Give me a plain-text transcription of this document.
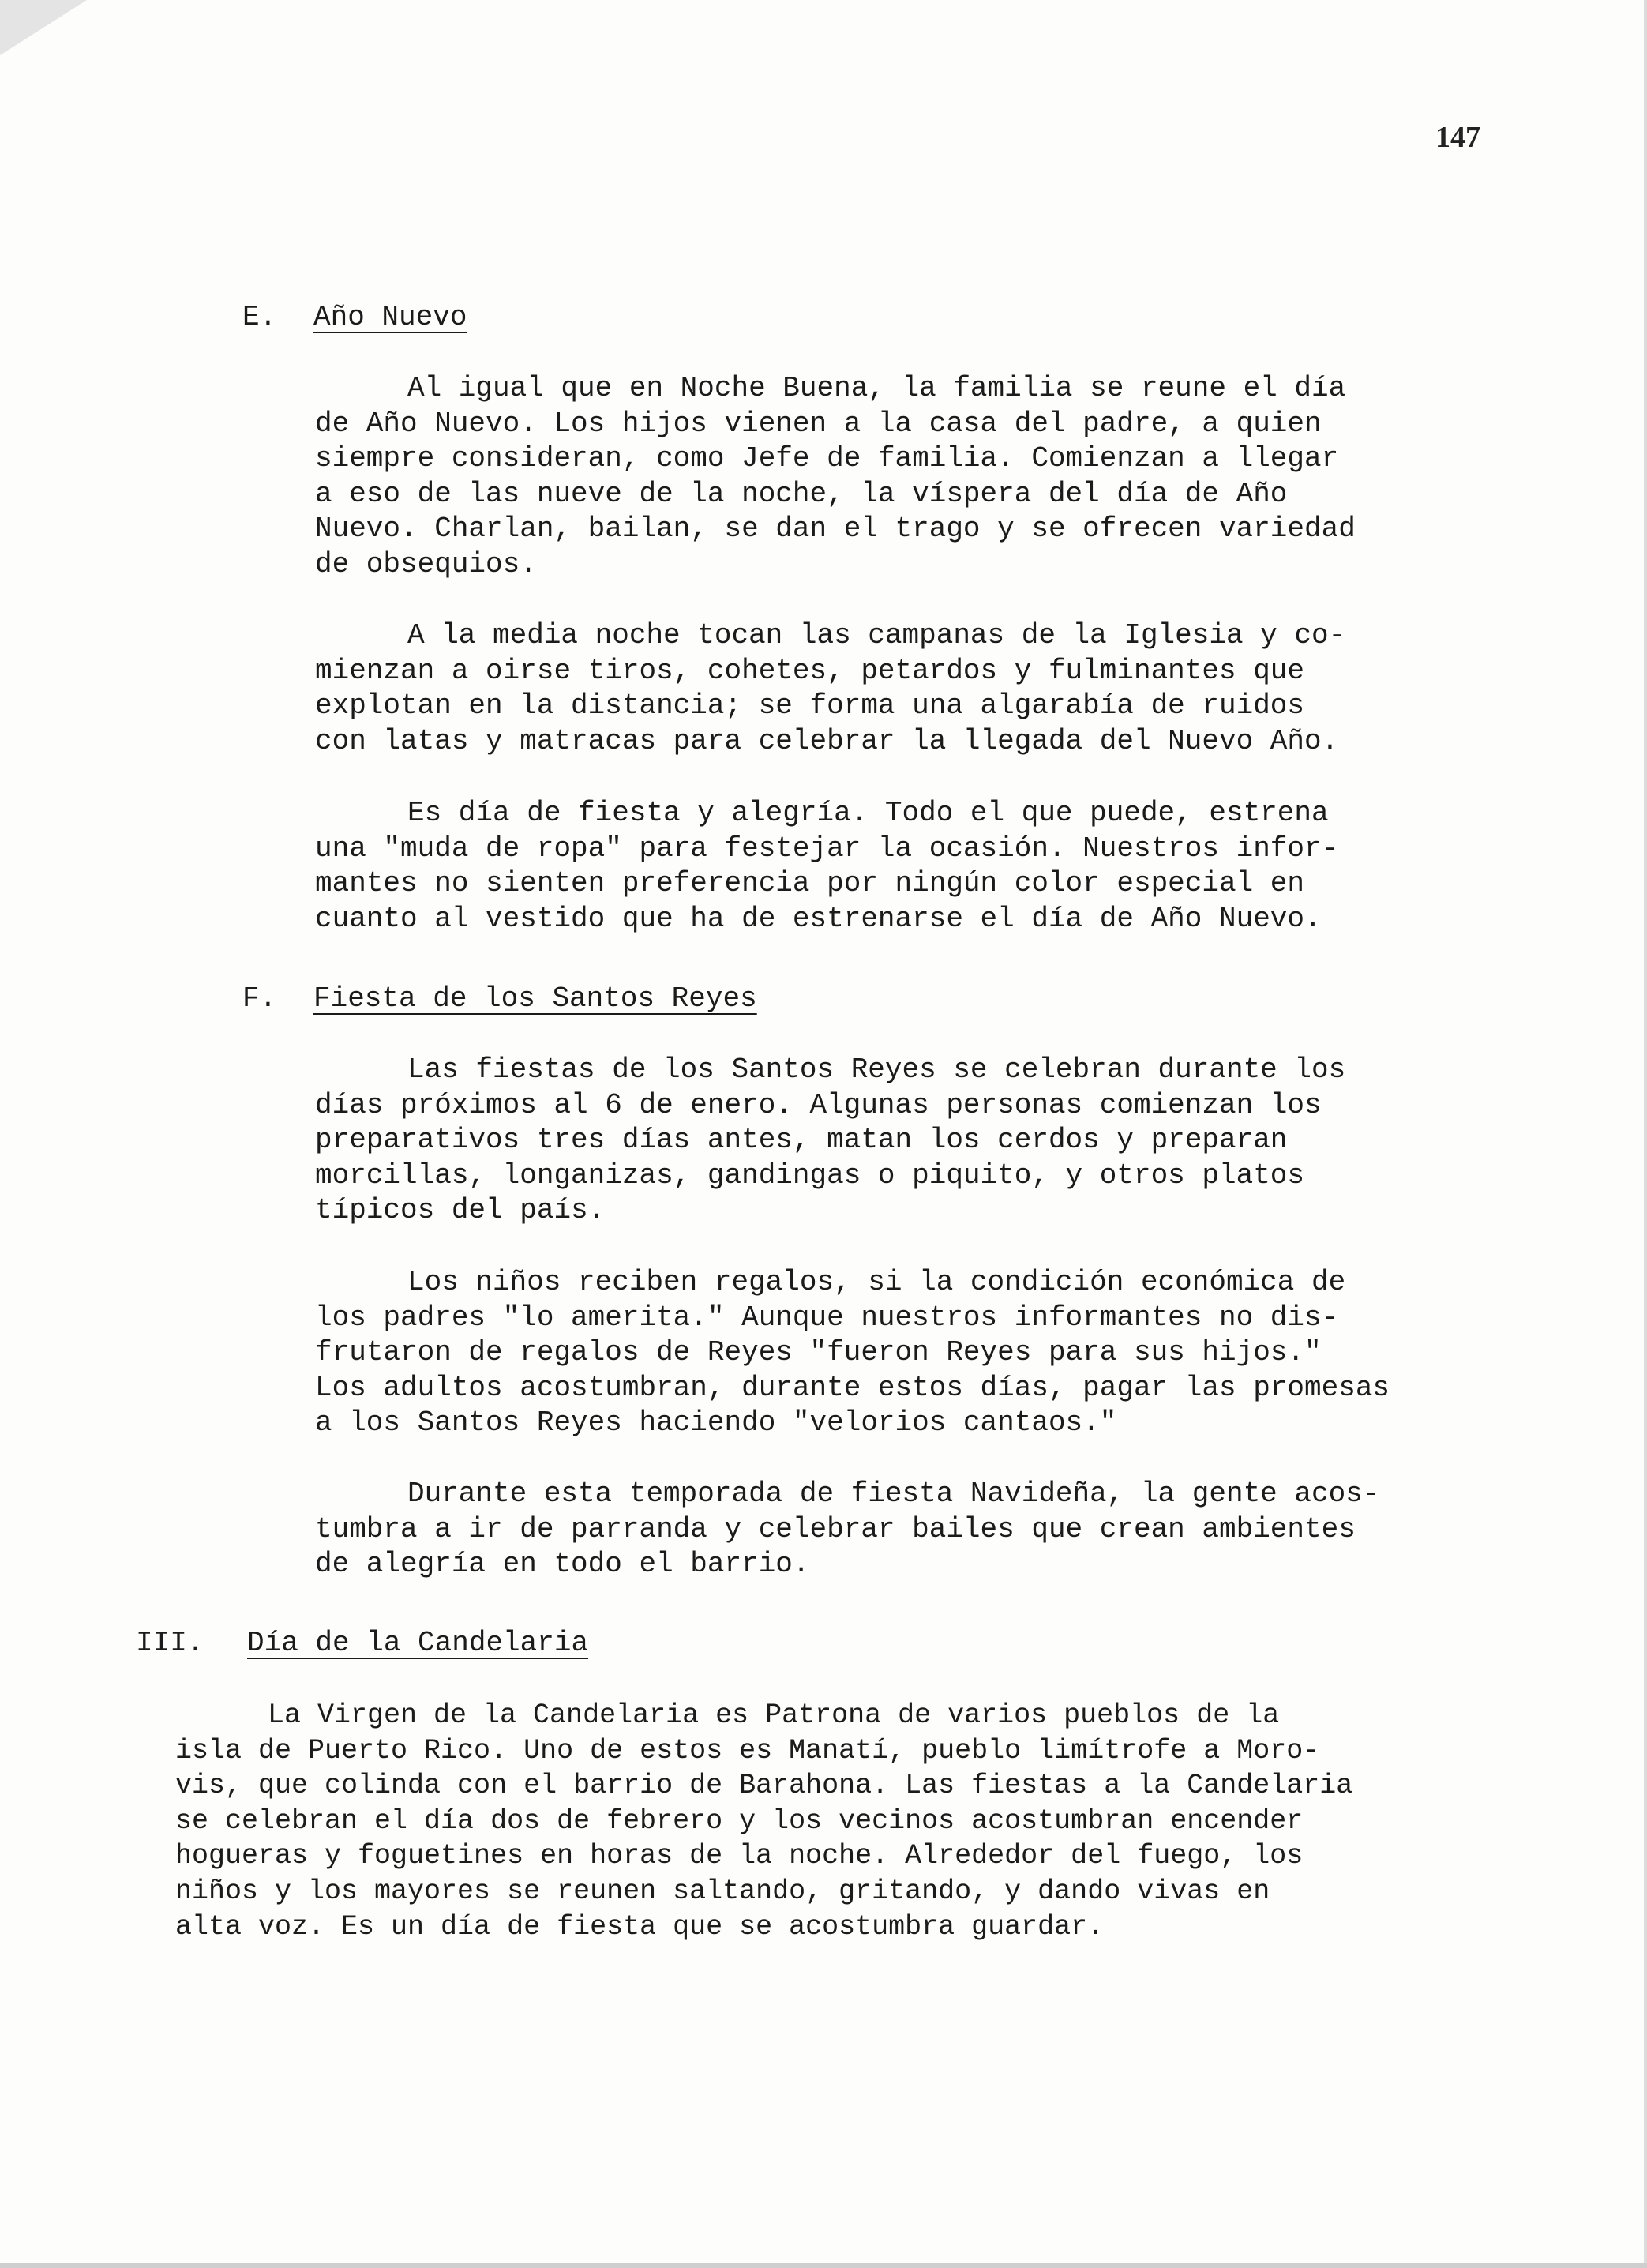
147
E. Año Nuevo
Al igual que en Noche Buena, la familia se reune el día
de Año Nuevo. Los hijos vienen a la casa del padre, a quien
siempre consideran, como Jefe de familia. Comienzan a llegar
a eso de las nueve de la noche, la víspera del día de Año
Nuevo. Charlan, bailan, se dan el trago y se ofrecen variedad
de obsequios.
A la media noche tocan las campanas de la Iglesia y co-
mienzan a oirse tiros, cohetes, petardos y fulminantes que
explotan en la distancia; se forma una algarabía de ruidos
con latas y matracas para celebrar la llegada del Nuevo Año.
Es día de fiesta y alegría. Todo el que puede, estrena
una "muda de ropa" para festejar la ocasión. Nuestros infor-
mantes no sienten preferencia por ningún color especial en
cuanto al vestido que ha de estrenarse el día de Año Nuevo.
F. Fiesta de los Santos Reyes
Las fiestas de los Santos Reyes se celebran durante los
días próximos al 6 de enero. Algunas personas comienzan los
preparativos tres días antes, matan los cerdos y preparan
morcillas, longanizas, gandingas o piquito, y otros platos
típicos del país.
Los niños reciben regalos, si la condición económica de
los padres "lo amerita." Aunque nuestros informantes no dis-
frutaron de regalos de Reyes "fueron Reyes para sus hijos."
Los adultos acostumbran, durante estos días, pagar las promesas
a los Santos Reyes haciendo "velorios cantaos."
Durante esta temporada de fiesta Navideña, la gente acos-
tumbra a ir de parranda y celebrar bailes que crean ambientes
de alegría en todo el barrio.
III. Día de la Candelaria
La Virgen de la Candelaria es Patrona de varios pueblos de la
isla de Puerto Rico. Uno de estos es Manatí, pueblo limítrofe a Moro-
vis, que colinda con el barrio de Barahona. Las fiestas a la Candelaria
se celebran el día dos de febrero y los vecinos acostumbran encender
hogueras y foguetines en horas de la noche. Alrededor del fuego, los
niños y los mayores se reunen saltando, gritando, y dando vivas en
alta voz. Es un día de fiesta que se acostumbra guardar.
